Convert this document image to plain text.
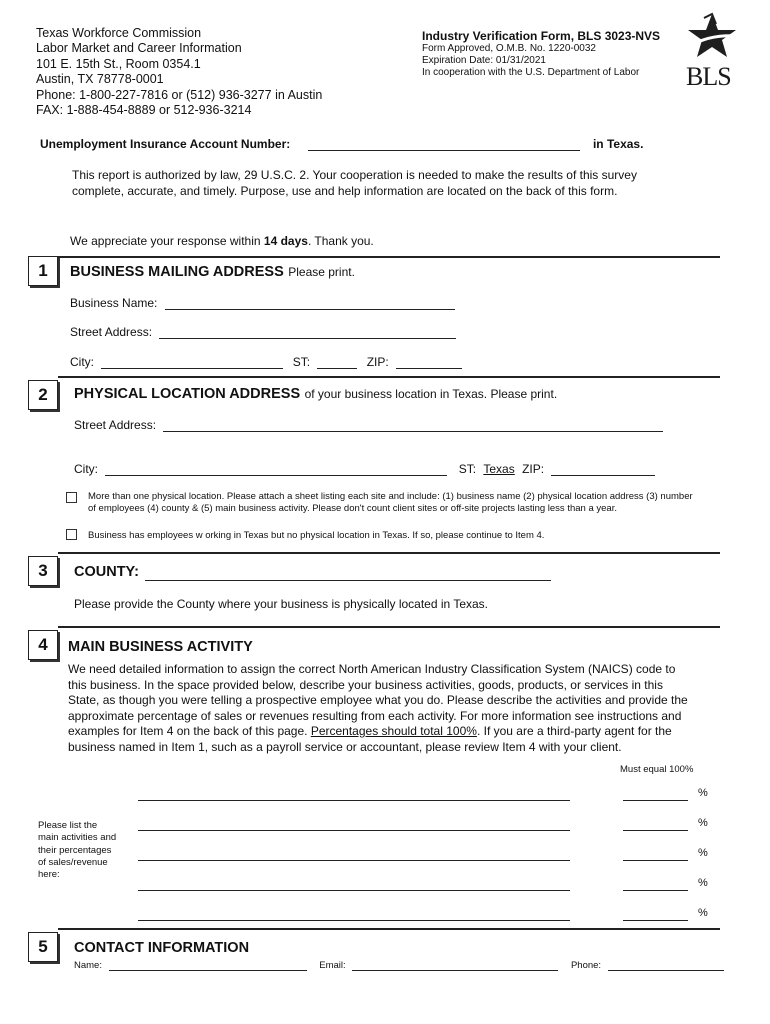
Texas Workforce Commission
Labor Market and Career Information
101 E. 15th St., Room 0354.1
Austin, TX 78778-0001
Phone: 1-800-227-7816 or (512) 936-3277 in Austin
FAX: 1-888-454-8889 or 512-936-3214
Industry Verification Form, BLS 3023-NVS
Form Approved, O.M.B. No. 1220-0032
Expiration Date: 01/31/2021
In cooperation with the U.S. Department of Labor	BLS
Unemployment Insurance Account Number:	in Texas.
This report is authorized by law, 29 U.S.C. 2. Your cooperation is needed to make the results of this survey complete, accurate, and timely. Purpose, use and help information are located on the back of this form.
We appreciate your response within 14 days. Thank you.
1	BUSINESS MAILING ADDRESS Please print.
Business Name:
Street Address:
City:	ST:	ZIP:
2	PHYSICAL LOCATION ADDRESS of your business location in Texas. Please print.
Street Address:
City:	ST: Texas ZIP:
More than one physical location. Please attach a sheet listing each site and include: (1) business name (2) physical location address (3) number of employees (4) county & (5) main business activity. Please don't count client sites or off-site projects lasting less than a year.
Business has employees w orking in Texas but no physical location in Texas. If so, please continue to Item 4.
3	COUNTY:
Please provide the County where your business is physically located in Texas.
4	MAIN BUSINESS ACTIVITY
We need detailed information to assign the correct North American Industry Classification System (NAICS) code to this business. In the space provided below, describe your business activities, goods, products, or services in this State, as though you were telling a prospective employee what you do. Please describe the activities and provide the approximate percentage of sales or revenues resulting from each activity. For more information see instructions and examples for Item 4 on the back of this page. Percentages should total 100%. If you are a third-party agent for the business named in Item 1, such as a payroll service or accountant, please review Item 4 with your client.
Must equal 100%
Please list the main activities and their percentages of sales/revenue here:
%
%
%
%
%
5	CONTACT INFORMATION
Name:	Email:	Phone:
